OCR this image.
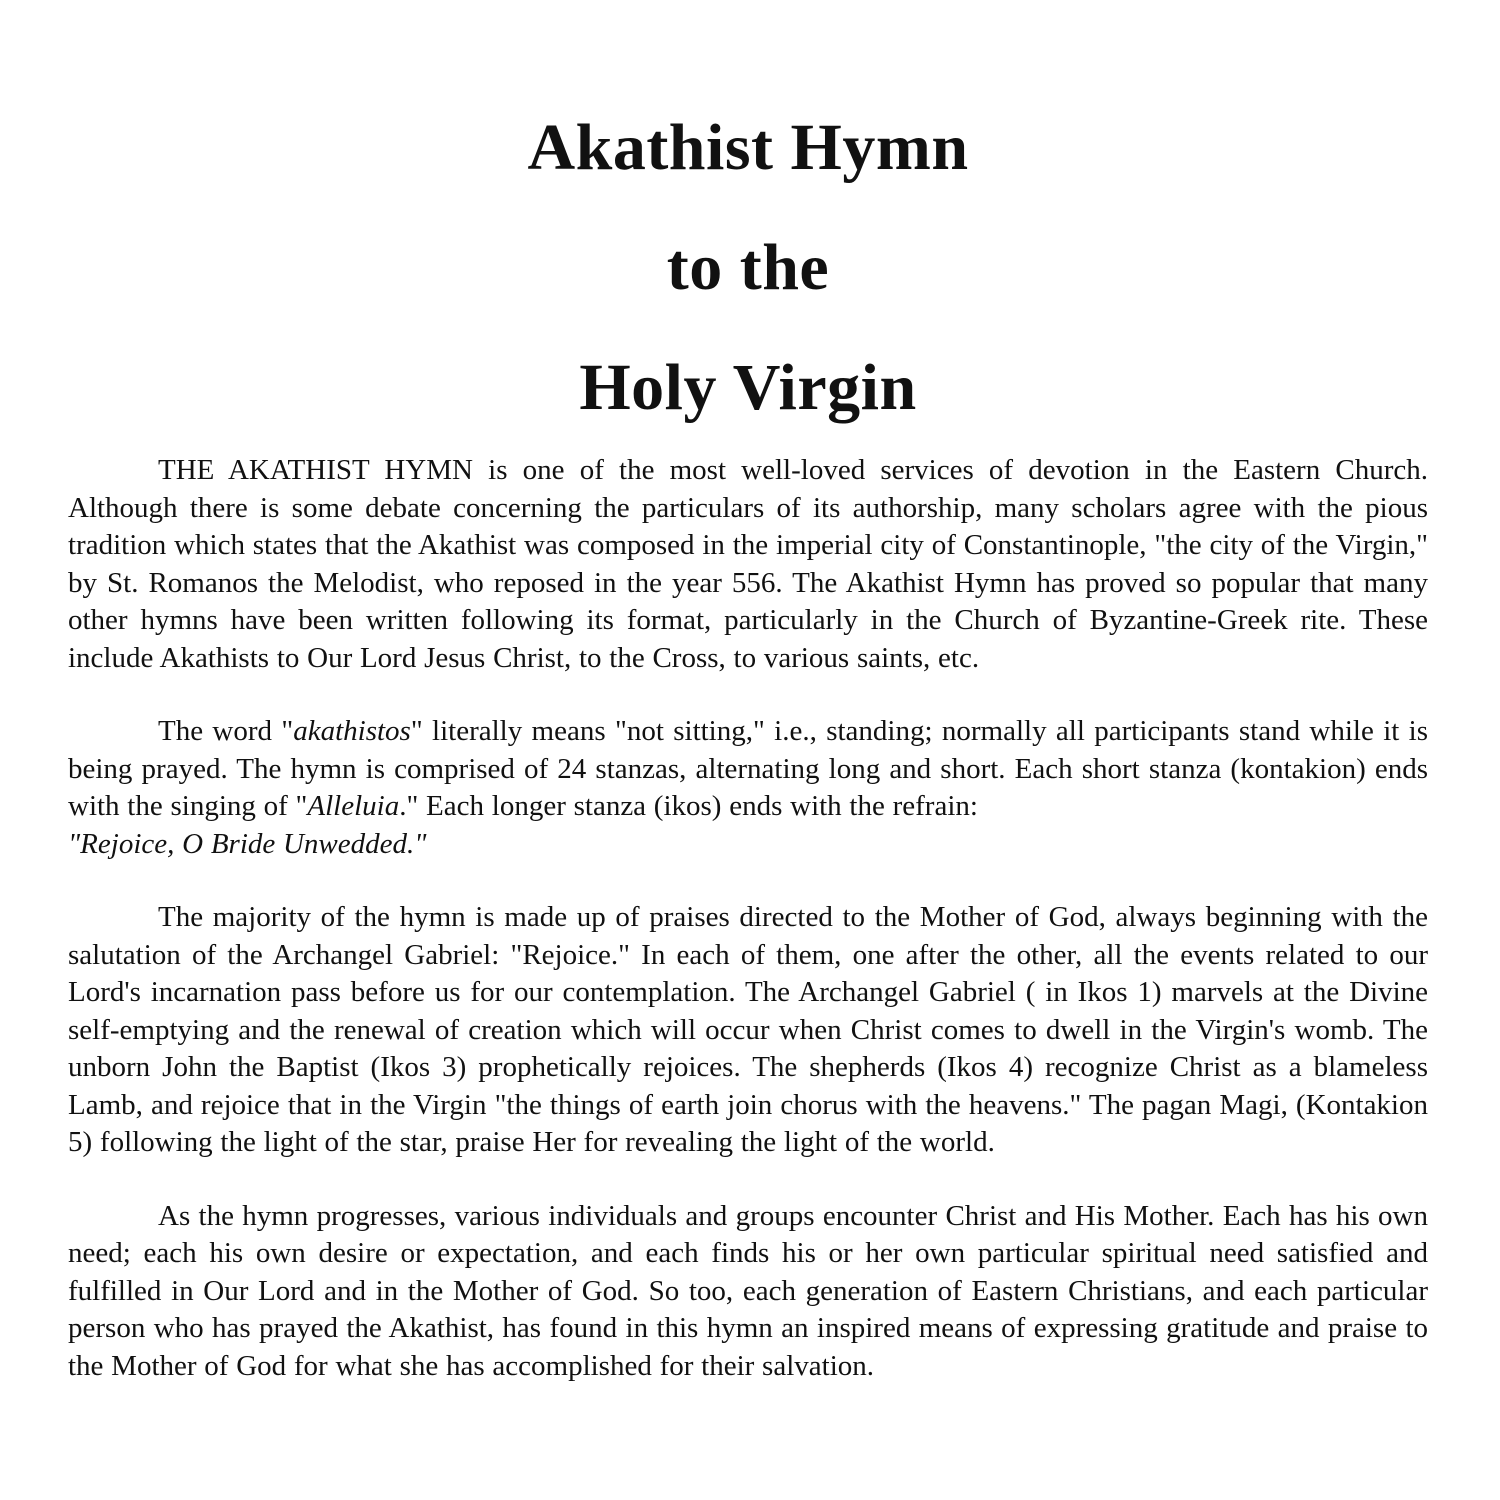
Akathist Hymn
to the
Holy Virgin

THE AKATHIST HYMN is one of the most well-loved services of devotion in the Eastern Church. Although there is some debate concerning the particulars of its authorship, many scholars agree with the pious tradition which states that the Akathist was composed in the imperial city of Constantinople, "the city of the Virgin," by St. Romanos the Melodist, who reposed in the year 556. The Akathist Hymn has proved so popular that many other hymns have been written following its format, particularly in the Church of Byzantine-Greek rite. These include Akathists to Our Lord Jesus Christ, to the Cross, to various saints, etc.

The word "akathistos" literally means "not sitting," i.e., standing; normally all participants stand while it is being prayed. The hymn is comprised of 24 stanzas, alternating long and short. Each short stanza (kontakion) ends with the singing of "Alleluia." Each longer stanza (ikos) ends with the refrain:
"Rejoice, O Bride Unwedded."

The majority of the hymn is made up of praises directed to the Mother of God, always beginning with the salutation of the Archangel Gabriel: "Rejoice." In each of them, one after the other, all the events related to our Lord's incarnation pass before us for our contemplation. The Archangel Gabriel ( in Ikos 1) marvels at the Divine self-emptying and the renewal of creation which will occur when Christ comes to dwell in the Virgin's womb. The unborn John the Baptist (Ikos 3) prophetically rejoices. The shepherds (Ikos 4) recognize Christ as a blameless Lamb, and rejoice that in the Virgin "the things of earth join chorus with the heavens." The pagan Magi, (Kontakion 5) following the light of the star, praise Her for revealing the light of the world.

As the hymn progresses, various individuals and groups encounter Christ and His Mother. Each has his own need; each his own desire or expectation, and each finds his or her own particular spiritual need satisfied and fulfilled in Our Lord and in the Mother of God. So too, each generation of Eastern Christians, and each particular person who has prayed the Akathist, has found in this hymn an inspired means of expressing gratitude and praise to the Mother of God for what she has accomplished for their salvation.
